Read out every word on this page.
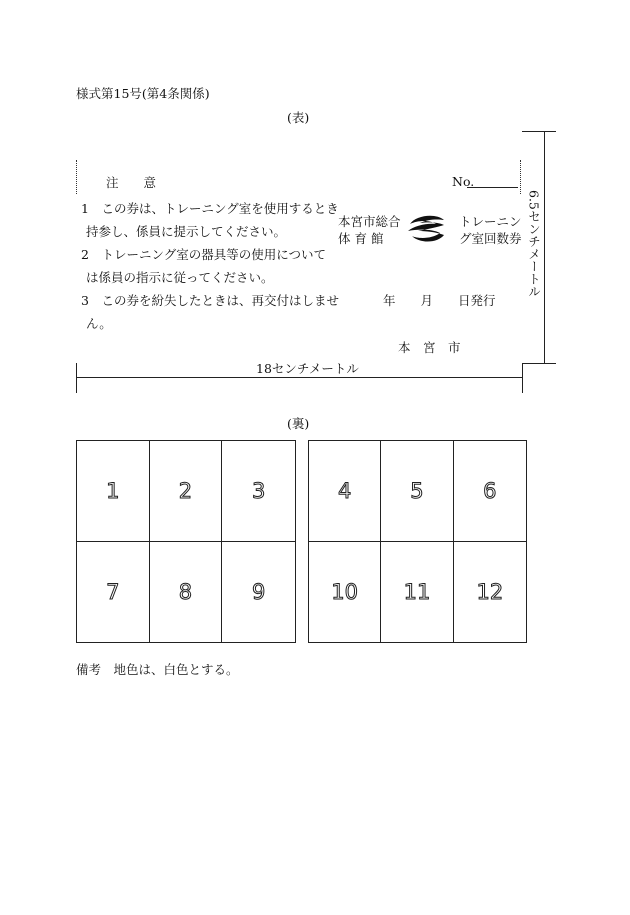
様式第15号(第4条関係)
(表)
注　　意	No.
1　この券は、トレーニング室を使用するとき
持参し、係員に提示してください。
2　トレーニング室の器具等の使用について
は係員の指示に従ってください。
3　この券を紛失したときは、再交付はしませ
ん。
本宮市総合
体 育 館
トレーニン
グ室回数券
年　　月　　日発行
本　宮　市
6.5センチメートル
18センチメートル
(裏)
1	2	3
7	8	9
4	5	6
10	11	12
備考　地色は、白色とする。
